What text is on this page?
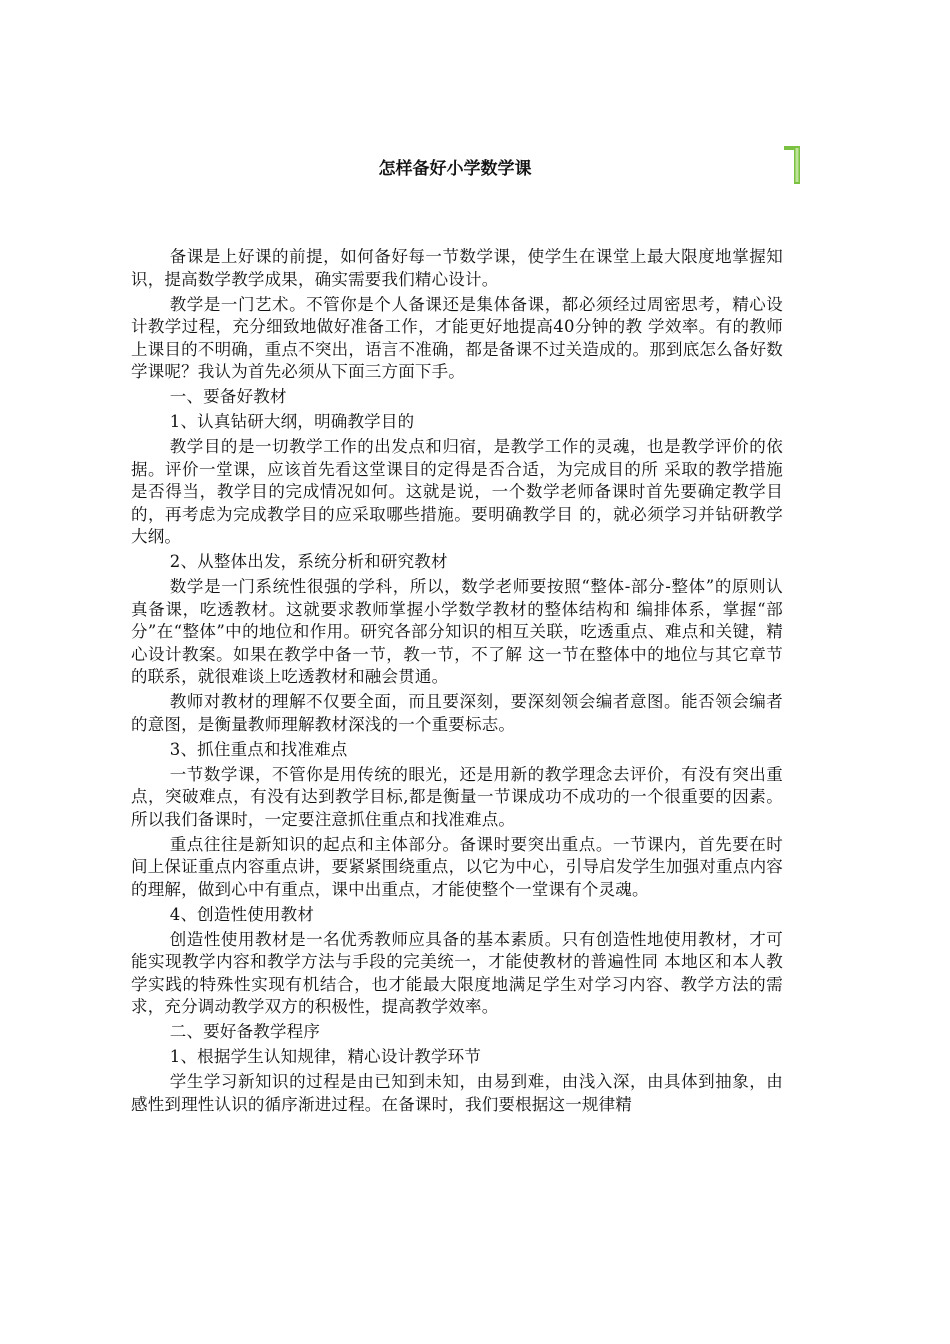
怎样备好小学数学课

备课是上好课的前提，如何备好每一节数学课，使学生在课堂上最大限度地掌握知识，提高数学教学成果，确实需要我们精心设计。

教学是一门艺术。不管你是个人备课还是集体备课，都必须经过周密思考，精心设计教学过程，充分细致地做好准备工作，才能更好地提高40分钟的教 学效率。有的教师上课目的不明确，重点不突出，语言不准确，都是备课不过关造成的。那到底怎么备好数学课呢？我认为首先必须从下面三方面下手。

一、要备好教材

1、认真钻研大纲，明确教学目的

教学目的是一切教学工作的出发点和归宿，是教学工作的灵魂，也是教学评价的依据。评价一堂课，应该首先看这堂课目的定得是否合适，为完成目的所 采取的教学措施是否得当，教学目的完成情况如何。这就是说，一个数学老师备课时首先要确定教学目的，再考虑为完成教学目的应采取哪些措施。要明确教学目 的，就必须学习并钻研教学大纲。

2、从整体出发，系统分析和研究教材

数学是一门系统性很强的学科，所以，数学老师要按照“整体-部分-整体”的原则认真备课，吃透教材。这就要求教师掌握小学数学教材的整体结构和 编排体系，掌握“部分”在“整体”中的地位和作用。研究各部分知识的相互关联，吃透重点、难点和关键，精心设计教案。如果在教学中备一节，教一节，不了解 这一节在整体中的地位与其它章节的联系，就很难谈上吃透教材和融会贯通。

教师对教材的理解不仅要全面，而且要深刻，要深刻领会编者意图。能否领会编者的意图，是衡量教师理解教材深浅的一个重要标志。

3、抓住重点和找准难点

一节数学课，不管你是用传统的眼光，还是用新的教学理念去评价，有没有突出重点，突破难点，有没有达到教学目标,都是衡量一节课成功不成功的一个很重要的因素。所以我们备课时，一定要注意抓住重点和找准难点。

重点往往是新知识的起点和主体部分。备课时要突出重点。一节课内，首先要在时间上保证重点内容重点讲，要紧紧围绕重点，以它为中心，引导启发学生加强对重点内容的理解，做到心中有重点，课中出重点，才能使整个一堂课有个灵魂。

4、创造性使用教材

创造性使用教材是一名优秀教师应具备的基本素质。只有创造性地使用教材，才可能实现教学内容和教学方法与手段的完美统一，才能使教材的普遍性同 本地区和本人教学实践的特殊性实现有机结合，也才能最大限度地满足学生对学习内容、教学方法的需求，充分调动教学双方的积极性，提高教学效率。

二、要好备教学程序

1、根据学生认知规律，精心设计教学环节

学生学习新知识的过程是由已知到未知，由易到难，由浅入深，由具体到抽象，由感性到理性认识的循序渐进过程。在备课时，我们要根据这一规律精
